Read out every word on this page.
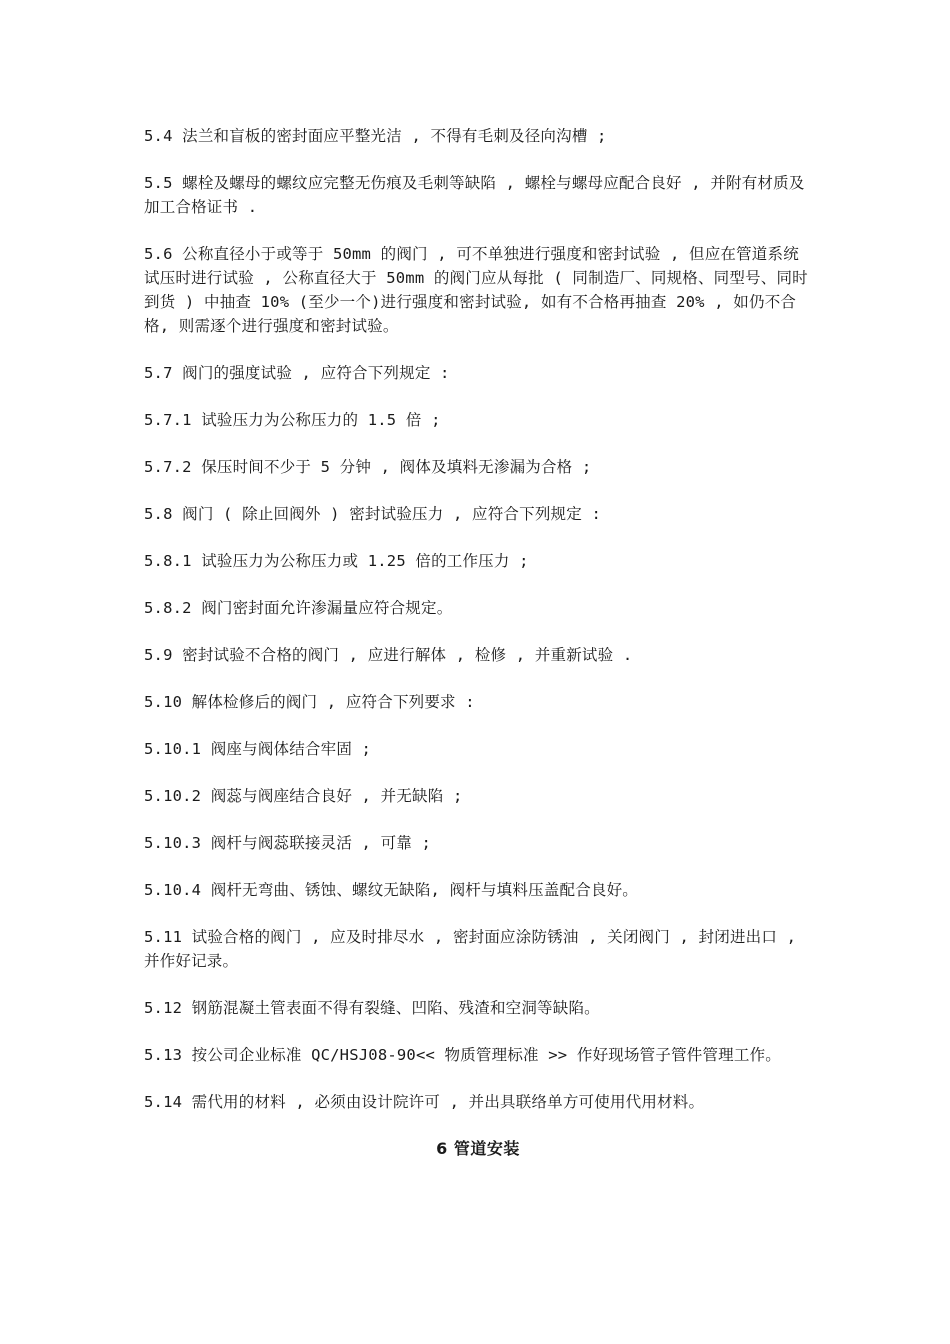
5.4 法兰和盲板的密封面应平整光洁 , 不得有毛刺及径向沟槽 ;

5.5 螺栓及螺母的螺纹应完整无伤痕及毛刺等缺陷 , 螺栓与螺母应配合良好 , 并附有材质及加工合格证书 .

5.6 公称直径小于或等于 50mm 的阀门 , 可不单独进行强度和密封试验 , 但应在管道系统试压时进行试验 , 公称直径大于 50mm 的阀门应从每批 ( 同制造厂、同规格、同型号、同时到货 ) 中抽查 10% (至少一个)进行强度和密封试验, 如有不合格再抽查 20% , 如仍不合格, 则需逐个进行强度和密封试验。

5.7 阀门的强度试验 , 应符合下列规定 :

5.7.1 试验压力为公称压力的 1.5 倍 ;

5.7.2 保压时间不少于 5 分钟 , 阀体及填料无渗漏为合格 ;

5.8 阀门 ( 除止回阀外 ) 密封试验压力 , 应符合下列规定 :

5.8.1 试验压力为公称压力或 1.25 倍的工作压力 ;

5.8.2 阀门密封面允许渗漏量应符合规定。

5.9 密封试验不合格的阀门 , 应进行解体 , 检修 , 并重新试验 .

5.10 解体检修后的阀门 , 应符合下列要求 :

5.10.1 阀座与阀体结合牢固 ;

5.10.2 阀蕊与阀座结合良好 , 并无缺陷 ;

5.10.3 阀杆与阀蕊联接灵活 , 可靠 ;

5.10.4 阀杆无弯曲、锈蚀、螺纹无缺陷, 阀杆与填料压盖配合良好。

5.11 试验合格的阀门 , 应及时排尽水 , 密封面应涂防锈油 , 关闭阀门 , 封闭进出口 , 并作好记录。

5.12 钢筋混凝土管表面不得有裂缝、凹陷、残渣和空洞等缺陷。

5.13 按公司企业标准 QC/HSJ08-90<< 物质管理标准 >> 作好现场管子管件管理工作。

5.14 需代用的材料 , 必须由设计院许可 , 并出具联络单方可使用代用材料。

6 管道安装
